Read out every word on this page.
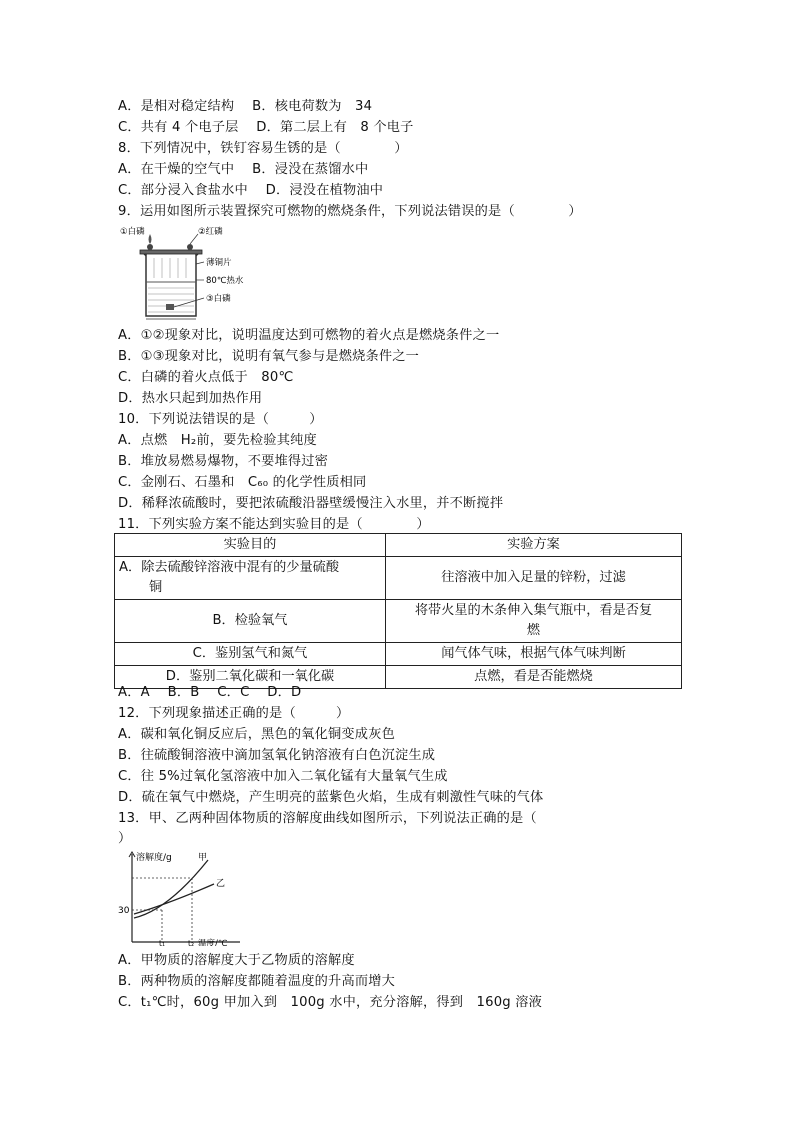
A．是相对稳定结构　 B．核电荷数为　34
C．共有 4 个电子层　 D．第二层上有　8 个电子
8．下列情况中，铁钉容易生锈的是（　　　　）
A．在干燥的空气中　 B．浸没在蒸馏水中
C．部分浸入食盐水中　 D．浸没在植物油中
9．运用如图所示装置探究可燃物的燃烧条件，下列说法错误的是（　　　　）
①白磷	②红磷
薄铜片
80℃热水
③白磷
A．①②现象对比，说明温度达到可燃物的着火点是燃烧条件之一
B．①③现象对比，说明有氧气参与是燃烧条件之一
C．白磷的着火点低于　80℃
D．热水只起到加热作用
10．下列说法错误的是（　　　）
A．点燃　H₂前，要先检验其纯度
B．堆放易燃易爆物，不要堆得过密
C．金刚石、石墨和　C₆₀ 的化学性质相同
D．稀释浓硫酸时，要把浓硫酸沿器壁缓慢注入水里，并不断搅拌
11．下列实验方案不能达到实验目的是（　　　　）
实验目的	实验方案
A．除去硫酸锌溶液中混有的少量硫酸
铜	往溶液中加入足量的锌粉，过滤
B．检验氧气	将带火星的木条伸入集气瓶中，看是否复
燃
C．鉴别氢气和氮气	闻气体气味，根据气体气味判断
D．鉴别二氧化碳和一氧化碳	点燃，看是否能燃烧
A．A　 B．B　 C．C　 D．D
12．下列现象描述正确的是（　　　）
A．碳和氧化铜反应后，黑色的氧化铜变成灰色
B．往硫酸铜溶液中滴加氢氧化钠溶液有白色沉淀生成
C．往 5%过氧化氢溶液中加入二氧化锰有大量氧气生成
D．硫在氧气中燃烧，产生明亮的蓝紫色火焰，生成有刺激性气味的气体
13．甲、乙两种固体物质的溶解度曲线如图所示，下列说法正确的是（
）
溶解度/g	甲
乙
30
t₁	t₂ 温度/℃
A．甲物质的溶解度大于乙物质的溶解度
B．两种物质的溶解度都随着温度的升高而增大
C．t₁℃时，60g 甲加入到　100g 水中，充分溶解，得到　160g 溶液
